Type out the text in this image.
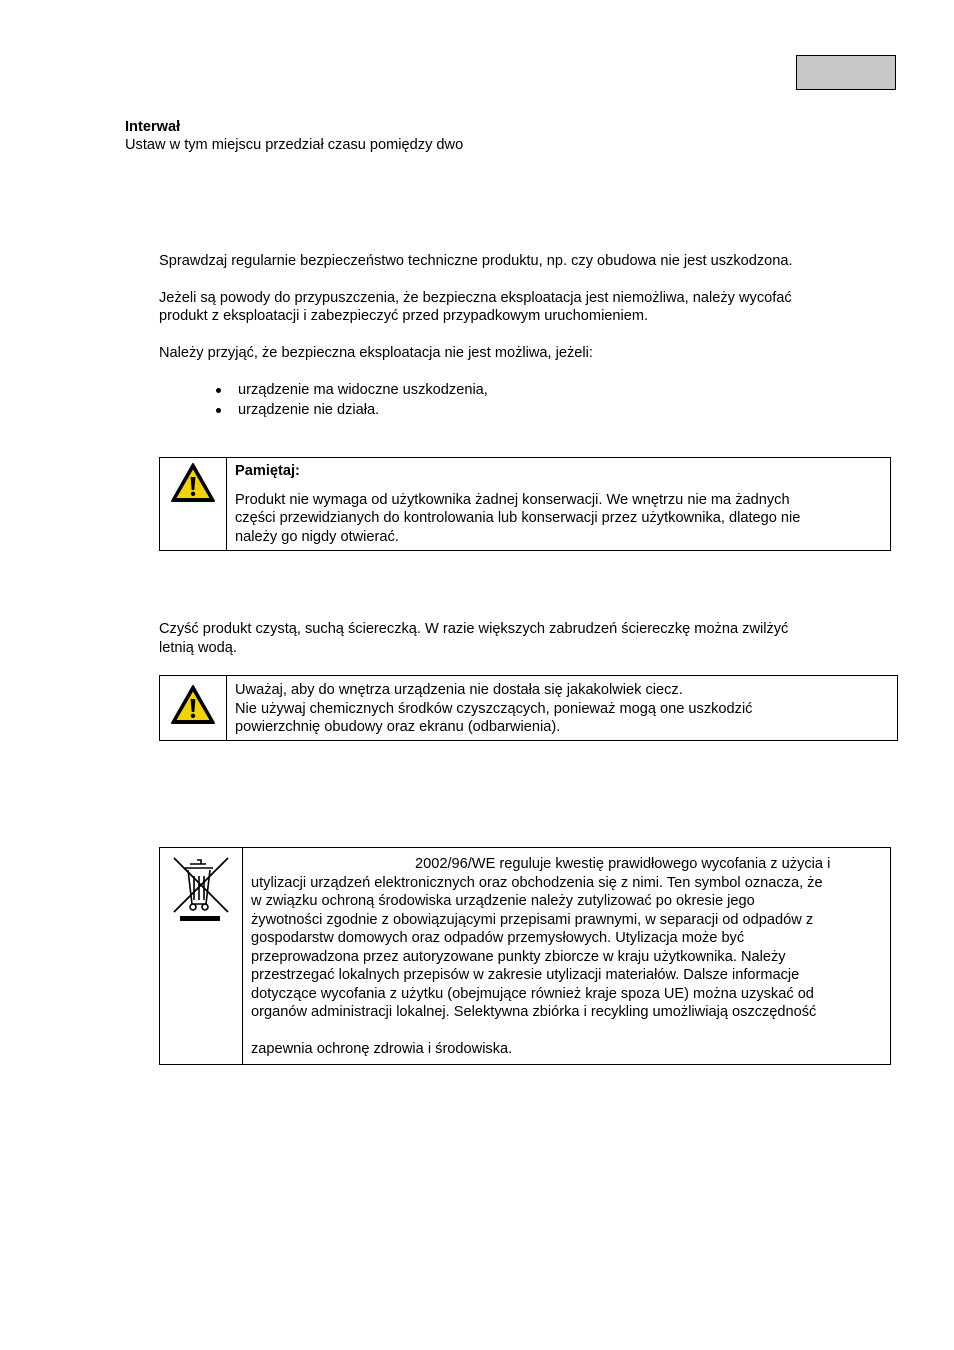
Interwał
Ustaw w tym miejscu przedział czasu pomiędzy dwo
Sprawdzaj regularnie bezpieczeństwo techniczne produktu, np. czy obudowa nie jest uszkodzona.
Jeżeli są powody do przypuszczenia, że bezpieczna eksploatacja jest niemożliwa, należy wycofać
produkt z eksploatacji i zabezpieczyć przed przypadkowym uruchomieniem.
Należy przyjąć, że bezpieczna eksploatacja nie jest możliwa, jeżeli:
urządzenie ma widoczne uszkodzenia,
urządzenie nie działa.

Pamiętaj:

Produkt nie wymaga od użytkownika żadnej konserwacji. We wnętrzu nie ma żadnych

części przewidzianych do kontrolowania lub konserwacji przez użytkownika, dlatego nie

należy go nigdy otwierać.

Czyść produkt czystą, suchą ściereczką. W razie większych zabrudzeń ściereczkę można zwilżyć
letnią wodą.

Uważaj, aby do wnętrza urządzenia nie dostała się jakakolwiek ciecz.

Nie używaj chemicznych środków czyszczących, ponieważ mogą one uszkodzić

powierzchnię obudowy oraz ekranu (odbarwienia).

2002/96/WE reguluje kwestię prawidłowego wycofania z użycia i

utylizacji urządzeń elektronicznych oraz obchodzenia się z nimi. Ten symbol oznacza, że

w związku ochroną środowiska urządzenie należy zutylizować po okresie jego

żywotności zgodnie z obowiązującymi przepisami prawnymi, w separacji od odpadów z

gospodarstw domowych oraz odpadów przemysłowych. Utylizacja może być

przeprowadzona przez autoryzowane punkty zbiorcze w kraju użytkownika. Należy

przestrzegać lokalnych przepisów w zakresie utylizacji materiałów. Dalsze informacje

dotyczące wycofania z użytku (obejmujące również kraje spoza UE) można uzyskać od

organów administracji lokalnej. Selektywna zbiórka i recykling umożliwiają oszczędność

zapewnia ochronę zdrowia i środowiska.
